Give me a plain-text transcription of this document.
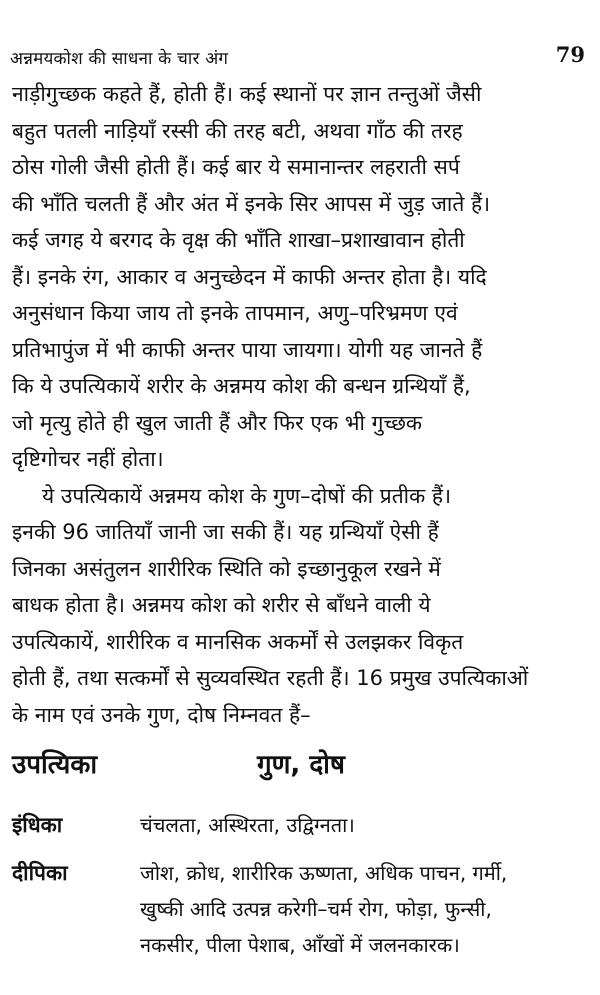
अन्नमयकोश की साधना के चार अंग	79
नाड़ीगुच्छक कहते हैं, होती हैं। कई स्थानों पर ज्ञान तन्तुओं जैसी
बहुत पतली नाड़ियाँ रस्सी की तरह बटी, अथवा गाँठ की तरह
ठोस गोली जैसी होती हैं। कई बार ये समानान्तर लहराती सर्प
की भाँति चलती हैं और अंत में इनके सिर आपस में जुड़ जाते हैं।
कई जगह ये बरगद के वृक्ष की भाँति शाखा–प्रशाखावान होती
हैं। इनके रंग, आकार व अनुच्छेदन में काफी अन्तर होता है। यदि
अनुसंधान किया जाय तो इनके तापमान, अणु–परिभ्रमण एवं
प्रतिभापुंज में भी काफी अन्तर पाया जायगा। योगी यह जानते हैं
कि ये उपत्यिकायें शरीर के अन्नमय कोश की बन्धन ग्रन्थियाँ हैं,
जो मृत्यु होते ही खुल जाती हैं और फिर एक भी गुच्छक
दृष्टिगोचर नहीं होता।
ये उपत्यिकायें अन्नमय कोश के गुण–दोषों की प्रतीक हैं।
इनकी 96 जातियाँ जानी जा सकी हैं। यह ग्रन्थियाँ ऐसी हैं
जिनका असंतुलन शारीरिक स्थिति को इच्छानुकूल रखने में
बाधक होता है। अन्नमय कोश को शरीर से बाँधने वाली ये
उपत्यिकायें, शारीरिक व मानसिक अकर्मों से उलझकर विकृत
होती हैं, तथा सत्कर्मों से सुव्यवस्थित रहती हैं। 16 प्रमुख उपत्यिकाओं
के नाम एवं उनके गुण, दोष निम्नवत हैं–
उपत्यिका	गुण, दोष
इंधिका	चंचलता, अस्थिरता, उद्विग्नता।
दीपिका	जोश, क्रोध, शारीरिक ऊष्णता, अधिक पाचन, गर्मी,
खुष्की आदि उत्पन्न करेगी–चर्म रोग, फोड़ा, फुन्सी,
नकसीर, पीला पेशाब, आँखों में जलनकारक।
